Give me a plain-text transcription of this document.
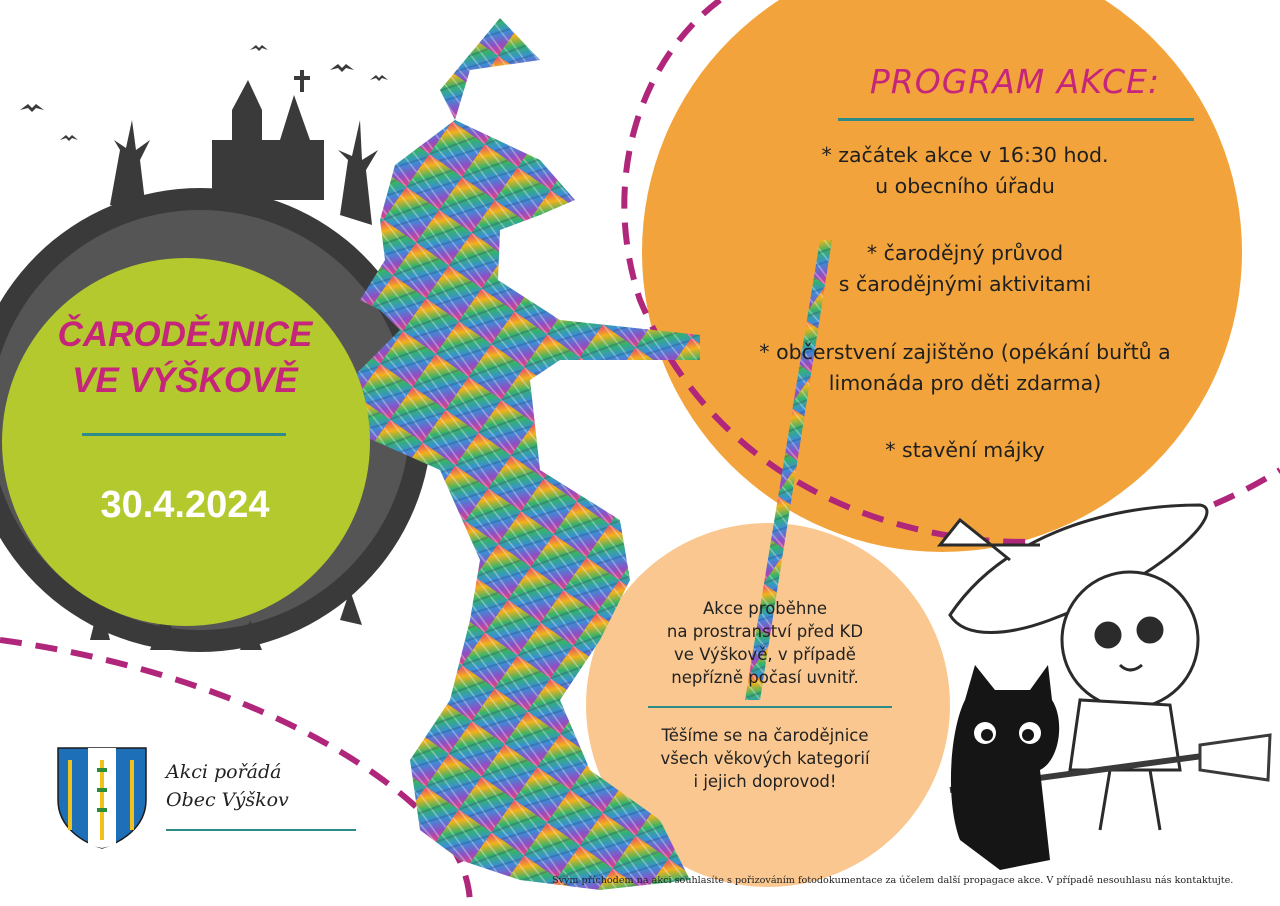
ČARODĚJNICE
VE VÝŠKOVĚ
30.4.2024
PROGRAM AKCE:
* začátek akce v 16:30 hod.
u obecního úřadu
* čarodějný průvod
s čarodějnými aktivitami
* občerstvení zajištěno (opékání buřtů a
limonáda pro děti zdarma)
* stavění májky
Akce proběhne
na prostranství před KD
ve Výškově, v případě
nepřízně počasí uvnitř.
Těšíme se na čarodějnice
všech věkových kategorií
i jejich doprovod!
Akci pořádá
Obec Výškov
Svým příchodem na akci souhlasíte s pořizováním fotodokumentace za účelem další propagace akce. V případě nesouhlasu nás kontaktujte.
